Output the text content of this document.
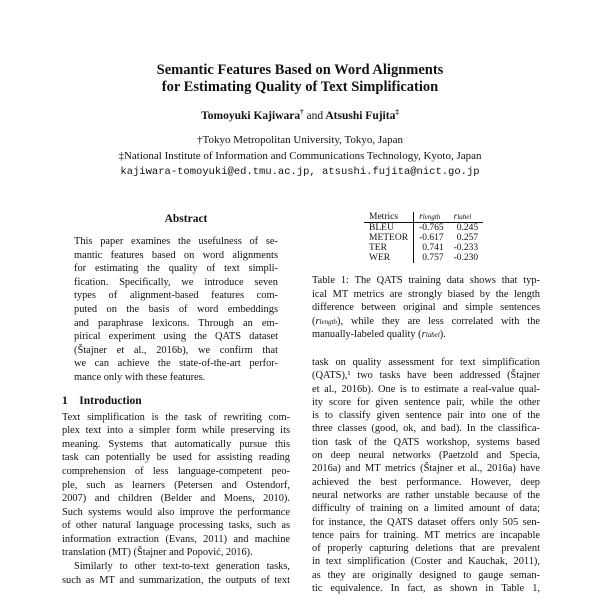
Semantic Features Based on Word Alignments
for Estimating Quality of Text Simplification
Tomoyuki Kajiwara† and Atsushi Fujita‡
†Tokyo Metropolitan University, Tokyo, Japan
‡National Institute of Information and Communications Technology, Kyoto, Japan
kajiwara-tomoyuki@ed.tmu.ac.jp, atsushi.fujita@nict.go.jp
Abstract
This paper examines the usefulness of se-
mantic features based on word alignments
for estimating the quality of text simpli-
fication. Specifically, we introduce seven
types of alignment-based features com-
puted on the basis of word embeddings
and paraphrase lexicons. Through an em-
pirical experiment using the QATS dataset
(Štajner et al., 2016b), we confirm that
we can achieve the state-of-the-art perfor-
mance only with these features.
1 Introduction
Text simplification is the task of rewriting com-
plex text into a simpler form while preserving its
meaning. Systems that automatically pursue this
task can potentially be used for assisting reading
comprehension of less language-competent peo-
ple, such as learners (Petersen and Ostendorf,
2007) and children (Belder and Moens, 2010).
Such systems would also improve the performance
of other natural language processing tasks, such as
information extraction (Evans, 2011) and machine
translation (MT) (Štajner and Popović, 2016).
Similarly to other text-to-text generation tasks,
such as MT and summarization, the outputs of text
Metrics	rlength	rlabel
BLEU	-0.765	0.245
METEOR	-0.617	0.257
TER	0.741	-0.233
WER	0.757	-0.230
Table 1: The QATS training data shows that typ-
ical MT metrics are strongly biased by the length
difference between original and simple sentences
(rlength), while they are less correlated with the
manually-labeled quality (rlabel).
task on quality assessment for text simplification
(QATS),¹ two tasks have been addressed (Štajner
et al., 2016b). One is to estimate a real-value qual-
ity score for given sentence pair, while the other
is to classify given sentence pair into one of the
three classes (good, ok, and bad). In the classifica-
tion task of the QATS workshop, systems based
on deep neural networks (Paetzold and Specia,
2016a) and MT metrics (Štajner et al., 2016a) have
achieved the best performance. However, deep
neural networks are rather unstable because of the
difficulty of training on a limited amount of data;
for instance, the QATS dataset offers only 505 sen-
tence pairs for training. MT metrics are incapable
of properly capturing deletions that are prevalent
in text simplification (Coster and Kauchak, 2011),
as they are originally designed to gauge seman-
tic equivalence. In fact, as shown in Table 1,
